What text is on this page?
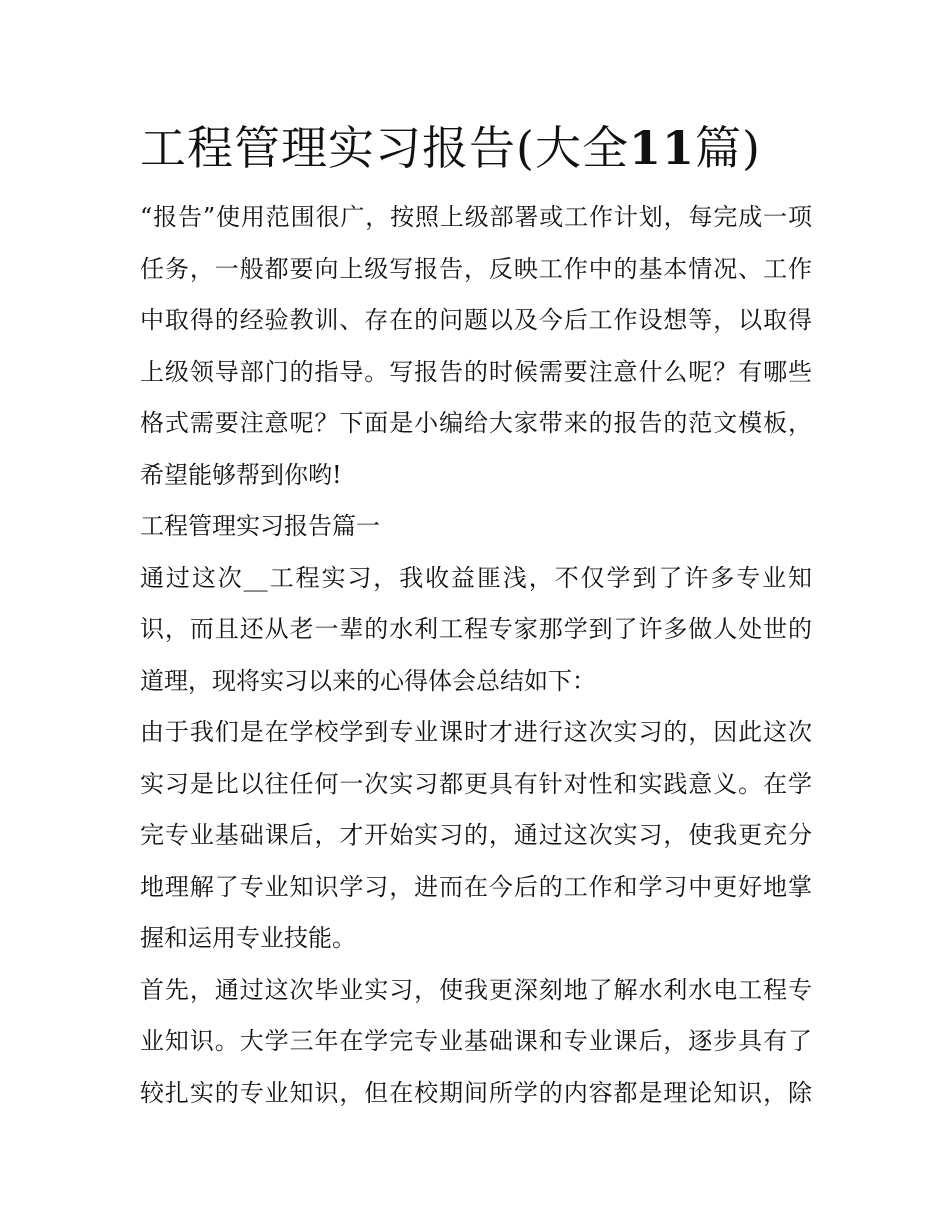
工程管理实习报告(大全11篇)

“报告”使用范围很广，按照上级部署或工作计划，每完成一项
任务，一般都要向上级写报告，反映工作中的基本情况、工作
中取得的经验教训、存在的问题以及今后工作设想等，以取得
上级领导部门的指导。写报告的时候需要注意什么呢？有哪些
格式需要注意呢？下面是小编给大家带来的报告的范文模板，
希望能够帮到你哟!

工程管理实习报告篇一

通过这次__工程实习，我收益匪浅，不仅学到了许多专业知
识，而且还从老一辈的水利工程专家那学到了许多做人处世的
道理，现将实习以来的心得体会总结如下：

由于我们是在学校学到专业课时才进行这次实习的，因此这次
实习是比以往任何一次实习都更具有针对性和实践意义。在学
完专业基础课后，才开始实习的，通过这次实习，使我更充分
地理解了专业知识学习，进而在今后的工作和学习中更好地掌
握和运用专业技能。

首先，通过这次毕业实习，使我更深刻地了解水利水电工程专
业知识。大学三年在学完专业基础课和专业课后，逐步具有了
较扎实的专业知识，但在校期间所学的内容都是理论知识，除
